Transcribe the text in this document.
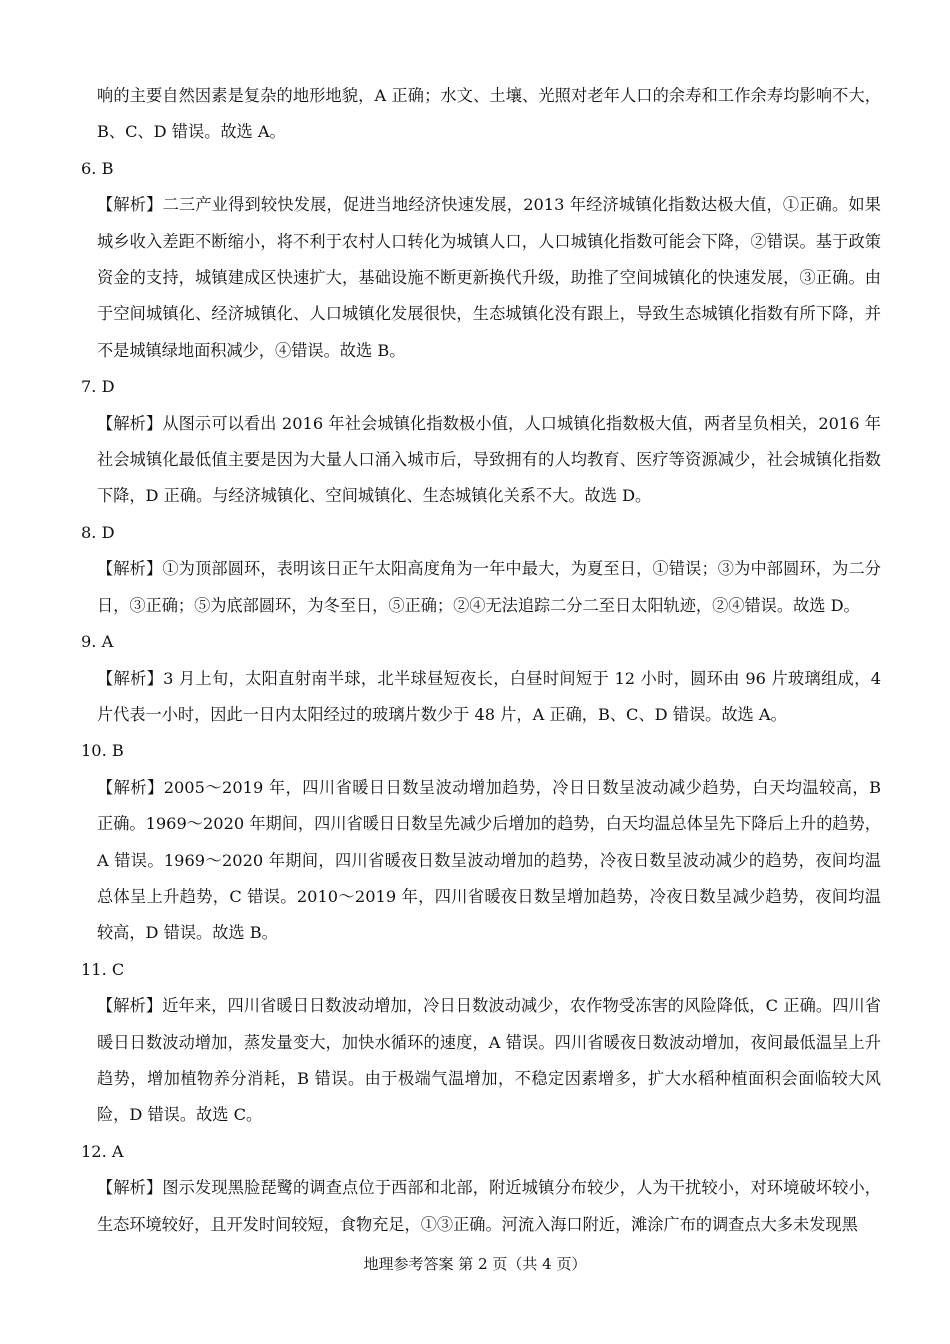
响的主要自然因素是复杂的地形地貌，A 正确；水文、土壤、光照对老年人口的余寿和工作余寿均影响不大，B、C、D 错误。故选 A。

6. B

【解析】二三产业得到较快发展，促进当地经济快速发展，2013 年经济城镇化指数达极大值，①正确。如果城乡收入差距不断缩小，将不利于农村人口转化为城镇人口，人口城镇化指数可能会下降，②错误。基于政策资金的支持，城镇建成区快速扩大，基础设施不断更新换代升级，助推了空间城镇化的快速发展，③正确。由于空间城镇化、经济城镇化、人口城镇化发展很快，生态城镇化没有跟上，导致生态城镇化指数有所下降，并不是城镇绿地面积减少，④错误。故选 B。

7. D

【解析】从图示可以看出 2016 年社会城镇化指数极小值，人口城镇化指数极大值，两者呈负相关，2016 年社会城镇化最低值主要是因为大量人口涌入城市后，导致拥有的人均教育、医疗等资源减少，社会城镇化指数下降，D 正确。与经济城镇化、空间城镇化、生态城镇化关系不大。故选 D。

8. D

【解析】①为顶部圆环，表明该日正午太阳高度角为一年中最大，为夏至日，①错误；③为中部圆环，为二分日，③正确；⑤为底部圆环，为冬至日，⑤正确；②④无法追踪二分二至日太阳轨迹，②④错误。故选 D。

9. A

【解析】3 月上旬，太阳直射南半球，北半球昼短夜长，白昼时间短于 12 小时，圆环由 96 片玻璃组成，4 片代表一小时，因此一日内太阳经过的玻璃片数少于 48 片，A 正确，B、C、D 错误。故选 A。

10. B

【解析】2005～2019 年，四川省暖日日数呈波动增加趋势，冷日日数呈波动减少趋势，白天均温较高，B 正确。1969～2020 年期间，四川省暖日日数呈先减少后增加的趋势，白天均温总体呈先下降后上升的趋势，A 错误。1969～2020 年期间，四川省暖夜日数呈波动增加的趋势，冷夜日数呈波动减少的趋势，夜间均温总体呈上升趋势，C 错误。2010～2019 年，四川省暖夜日数呈增加趋势，冷夜日数呈减少趋势，夜间均温较高，D 错误。故选 B。

11. C

【解析】近年来，四川省暖日日数波动增加，冷日日数波动减少，农作物受冻害的风险降低，C 正确。四川省暖日日数波动增加，蒸发量变大，加快水循环的速度，A 错误。四川省暖夜日数波动增加，夜间最低温呈上升趋势，增加植物养分消耗，B 错误。由于极端气温增加，不稳定因素增多，扩大水稻种植面积会面临较大风险，D 错误。故选 C。

12. A

【解析】图示发现黑脸琵鹭的调查点位于西部和北部，附近城镇分布较少，人为干扰较小，对环境破坏较小，生态环境较好，且开发时间较短，食物充足，①③正确。河流入海口附近，滩涂广布的调查点大多未发现黑

地理参考答案 第 2 页（共 4 页）
